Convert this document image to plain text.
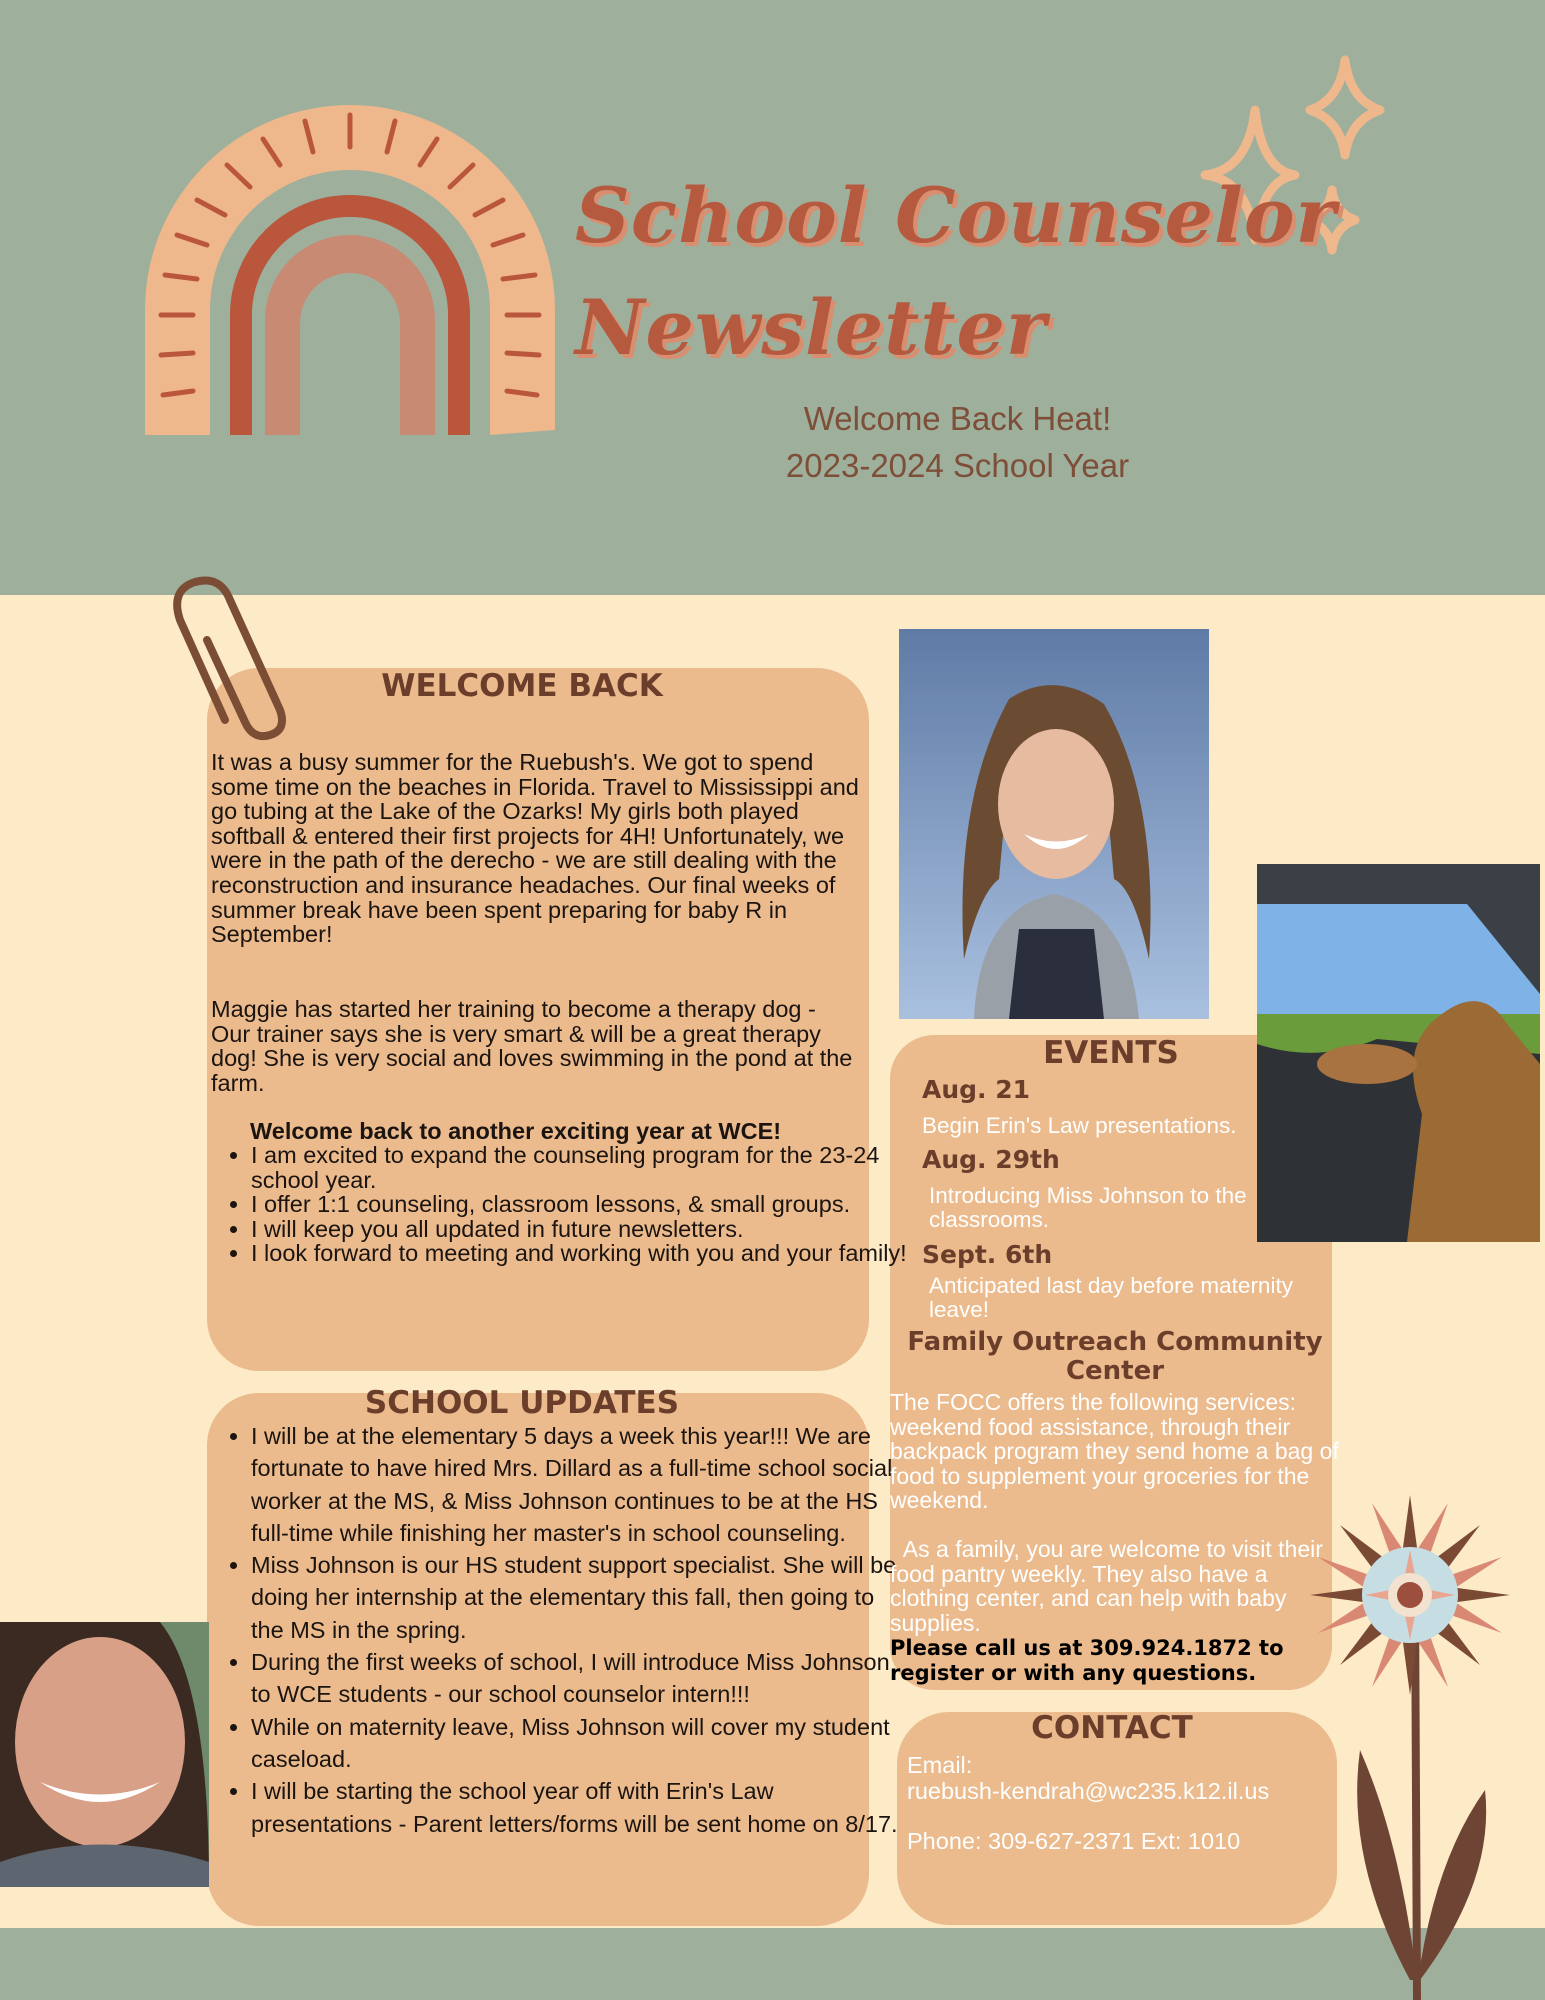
School Counselor
Newsletter
Welcome Back Heat!
2023-2024 School Year
WELCOME BACK
It was a busy summer for the Ruebush's. We got to spend some time on the beaches in Florida. Travel to Mississippi and go tubing at the Lake of the Ozarks! My girls both played softball & entered their first projects for 4H! Unfortunately, we were in the path of the derecho - we are still dealing with the reconstruction and insurance headaches. Our final weeks of summer break have been spent preparing for baby R in September!
Maggie has started her training to become a therapy dog - Our trainer says she is very smart & will be a great therapy dog! She is very social and loves swimming in the pond at the farm.
Welcome back to another exciting year at WCE!
• I am excited to expand the counseling program for the 23-24 school year.
• I offer 1:1 counseling, classroom lessons, & small groups.
• I will keep you all updated in future newsletters.
• I look forward to meeting and working with you and your family!
SCHOOL UPDATES
• I will be at the elementary 5 days a week this year!!! We are fortunate to have hired Mrs. Dillard as a full-time school social worker at the MS, & Miss Johnson continues to be at the HS full-time while finishing her master's in school counseling.
• Miss Johnson is our HS student support specialist. She will be doing her internship at the elementary this fall, then going to the MS in the spring.
• During the first weeks of school, I will introduce Miss Johnson to WCE students - our school counselor intern!!!
• While on maternity leave, Miss Johnson will cover my student caseload.
• I will be starting the school year off with Erin's Law presentations - Parent letters/forms will be sent home on 8/17.
EVENTS
Aug. 21
Begin Erin's Law presentations.
Aug. 29th
Introducing Miss Johnson to the classrooms.
Sept. 6th
Anticipated last day before maternity leave!
Family Outreach Community Center
The FOCC offers the following services: weekend food assistance, through their backpack program they send home a bag of food to supplement your groceries for the weekend.
As a family, you are welcome to visit their food pantry weekly. They also have a clothing center, and can help with baby supplies.
Please call us at 309.924.1872 to register or with any questions.
CONTACT
Email:
ruebush-kendrah@wc235.k12.il.us
Phone: 309-627-2371 Ext: 1010
